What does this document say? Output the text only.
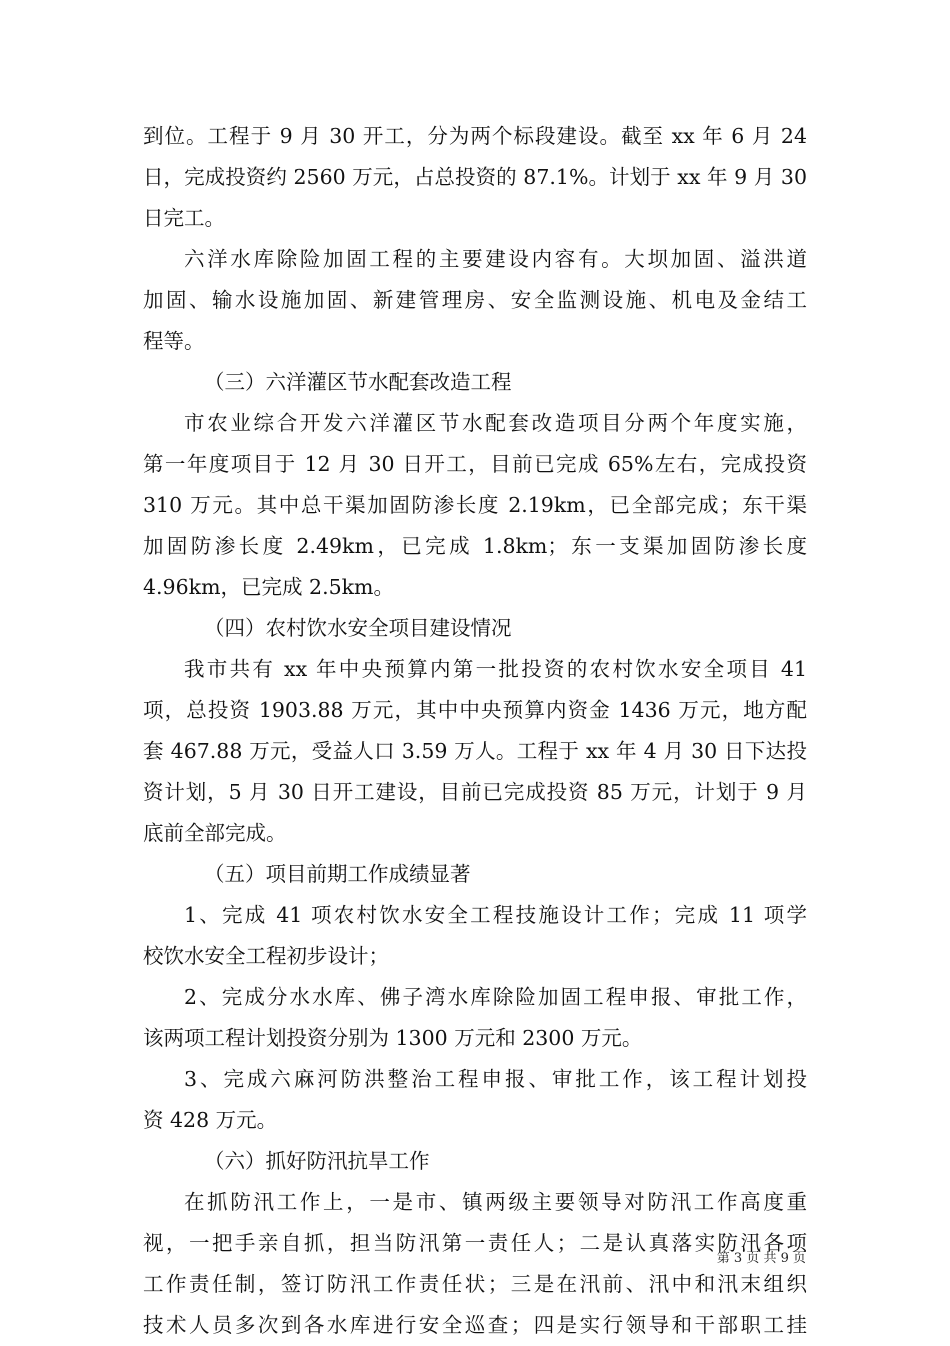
到位。工程于 9 月 30 开工，分为两个标段建设。截至 xx 年 6 月 24
日，完成投资约 2560 万元，占总投资的 87.1%。计划于 xx 年 9 月 30
日完工。
六洋水库除险加固工程的主要建设内容有。大坝加固、溢洪道
加固、输水设施加固、新建管理房、安全监测设施、机电及金结工
程等。
（三）六洋灌区节水配套改造工程
市农业综合开发六洋灌区节水配套改造项目分两个年度实施，
第一年度项目于 12 月 30 日开工，目前已完成 65%左右，完成投资
310 万元。其中总干渠加固防渗长度 2.19km，已全部完成；东干渠
加固防渗长度 2.49km，已完成 1.8km；东一支渠加固防渗长度
4.96km，已完成 2.5km。
（四）农村饮水安全项目建设情况
我市共有 xx 年中央预算内第一批投资的农村饮水安全项目 41
项，总投资 1903.88 万元，其中中央预算内资金 1436 万元，地方配
套 467.88 万元，受益人口 3.59 万人。工程于 xx 年 4 月 30 日下达投
资计划，5 月 30 日开工建设，目前已完成投资 85 万元，计划于 9 月
底前全部完成。
（五）项目前期工作成绩显著
1、完成 41 项农村饮水安全工程技施设计工作；完成 11 项学
校饮水安全工程初步设计；
2、完成分水水库、佛子湾水库除险加固工程申报、审批工作，
该两项工程计划投资分别为 1300 万元和 2300 万元。
3、完成六麻河防洪整治工程申报、审批工作，该工程计划投
资 428 万元。
（六）抓好防汛抗旱工作
在抓防汛工作上，一是市、镇两级主要领导对防汛工作高度重
视，一把手亲自抓，担当防汛第一责任人；二是认真落实防汛各项
工作责任制，签订防汛工作责任状；三是在汛前、汛中和汛末组织
技术人员多次到各水库进行安全巡查；四是实行领导和干部职工挂
第 3 页 共 9 页
